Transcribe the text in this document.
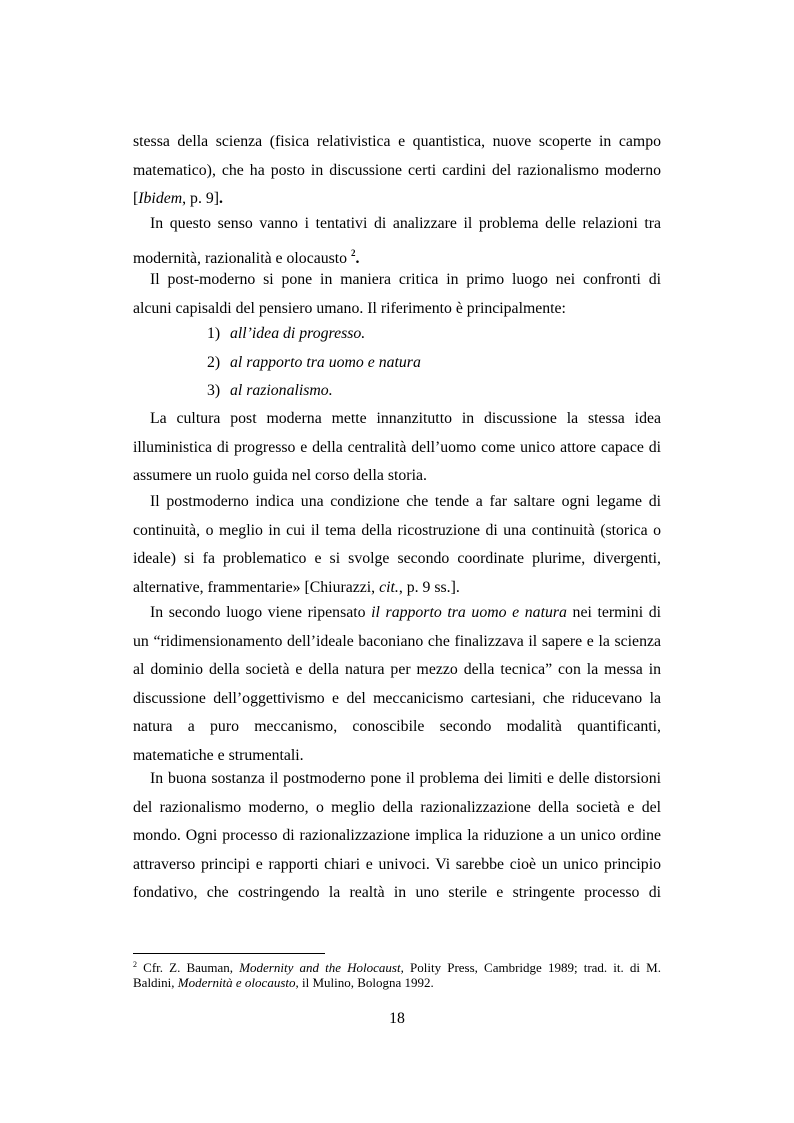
stessa della scienza (fisica relativistica e quantistica, nuove scoperte in campo
matematico), che ha posto in discussione certi cardini del razionalismo moderno
[Ibidem, p. 9].
In questo senso vanno i tentativi di analizzare il problema delle relazioni tra
modernità, razionalità e olocausto $^2$.
Il post-moderno si pone in maniera critica in primo luogo nei confronti di
alcuni capisaldi del pensiero umano. Il riferimento è principalmente:
1) all’idea di progresso.
2) al rapporto tra uomo e natura
3) al razionalismo.
La cultura post moderna mette innanzitutto in discussione la stessa idea
illuministica di progresso e della centralità dell’uomo come unico attore capace di
assumere un ruolo guida nel corso della storia.
Il postmoderno indica una condizione che tende a far saltare ogni legame di
continuità, o meglio in cui il tema della ricostruzione di una continuità (storica o
ideale) si fa problematico e si svolge secondo coordinate plurime, divergenti,
alternative, frammentarie» [Chiurazzi, cit., p. 9 ss.].
In secondo luogo viene ripensato il rapporto tra uomo e natura nei termini di
un “ridimensionamento dell’ideale baconiano che finalizzava il sapere e la scienza
al dominio della società e della natura per mezzo della tecnica” con la messa in
discussione dell’oggettivismo e del meccanicismo cartesiani, che riducevano la
natura a puro meccanismo, conoscibile secondo modalità quantificanti,
matematiche e strumentali.
In buona sostanza il postmoderno pone il problema dei limiti e delle distorsioni
del razionalismo moderno, o meglio della razionalizzazione della società e del
mondo. Ogni processo di razionalizzazione implica la riduzione a un unico ordine
attraverso principi e rapporti chiari e univoci. Vi sarebbe cioè un unico principio
fondativo, che costringendo la realtà in uno sterile e stringente processo di
$^2$ Cfr. Z. Bauman, Modernity and the Holocaust, Polity Press, Cambridge 1989; trad. it. di M.
Baldini, Modernità e olocausto, il Mulino, Bologna 1992.
18
